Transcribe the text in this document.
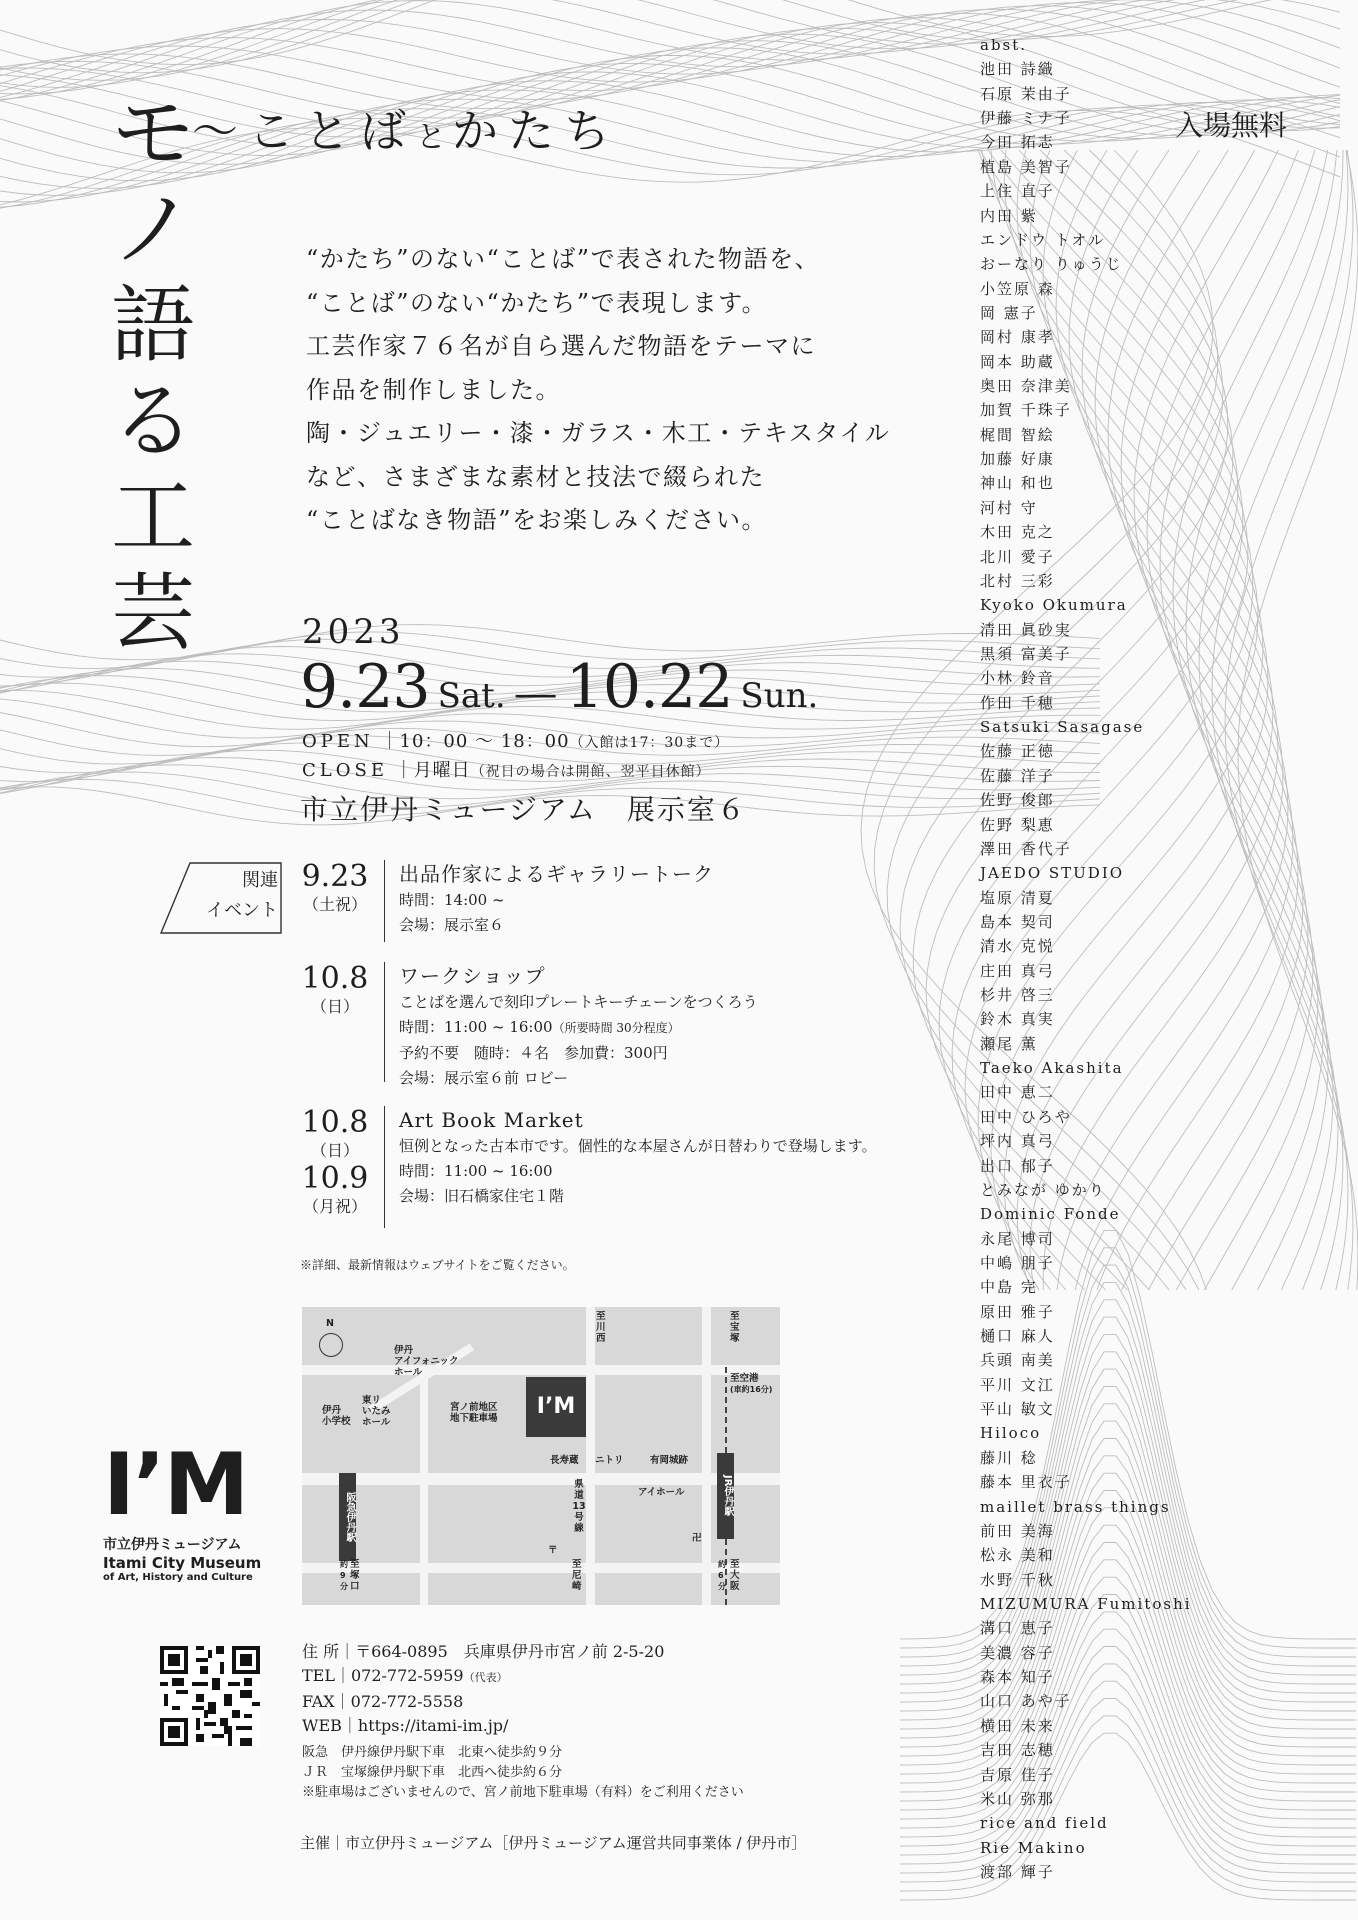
モ
ノ
語
る
工
芸
〜ことばとかたち	入場無料
“かたち”のない“ことば”で表された物語を、
“ことば”のない“かたち”で表現します。
工芸作家７６名が自ら選んだ物語をテーマに
作品を制作しました。
陶・ジュエリー・漆・ガラス・木工・テキスタイル
など、さまざまな素材と技法で綴られた
“ことばなき物語”をお楽しみください。
2023
9.23 Sat. ― 10.22 Sun.
OPEN ｜10：00 ～ 18：00（入館は17：30まで）
CLOSE ｜月曜日（祝日の場合は開館、翌平日休館）
市立伊丹ミュージアム　展示室６
関連
イベント
9.23
（土祝）
出品作家によるギャラリートーク
時間：14:00 ~
会場：展示室６
10.8
（日）
ワークショップ
ことばを選んで刻印プレートキーチェーンをつくろう
時間：11:00 ~ 16:00（所要時間 30分程度）
予約不要　随時：４名　参加費：300円
会場：展示室６前 ロビー
10.8
（日）
10.9
（月祝）
Art Book Market
恒例となった古本市です。個性的な本屋さんが日替わりで登場します。
時間：11:00 ~ 16:00
会場：旧石橋家住宅１階
※詳細、最新情報はウェブサイトをご覧ください。
N
伊丹
アイフォニック
ホール
伊丹
小学校
東リ
いたみ
ホール
宮ノ前地区
地下駐車場	I’M
長寿蔵 ニトリ	有岡城跡
アイホール
県
道
13
号
線
阪急伊丹駅	JR伊丹駅
至川西
至宝塚
至空港
(車約16分)
至塚口
約9分
至尼崎
至大阪
約6分
卍
〒
I’M
市立伊丹ミュージアム
Itami City Museum
of Art, History and Culture
住 所｜〒664-0895　兵庫県伊丹市宮ノ前 2-5-20
TEL｜072-772-5959（代表）
FAX｜072-772-5558
WEB｜https://itami-im.jp/
阪急　伊丹線伊丹駅下車　北東へ徒歩約９分
ＪＲ　宝塚線伊丹駅下車　北西へ徒歩約６分
※駐車場はございませんので、宮ノ前地下駐車場（有料）をご利用ください
主催｜市立伊丹ミュージアム［伊丹ミュージアム運営共同事業体 / 伊丹市］
abst.
池田 詩織
石原 茉由子
伊藤 ミナ子
今田 拓志
植島 美智子
上住 直子
内田 紫
エンドウ トオル
おーなり りゅうじ
小笠原 森
岡 憲子
岡村 康孝
岡本 助蔵
奥田 奈津美
加賀 千珠子
梶間 智絵
加藤 好康
神山 和也
河村 守
木田 克之
北川 愛子
北村 三彩
Kyoko Okumura
清田 眞砂実
黒須 富美子
小林 鈴音
作田 千穂
Satsuki Sasagase
佐藤 正徳
佐藤 洋子
佐野 俊郎
佐野 梨恵
澤田 香代子
JAEDO STUDIO
塩原 清夏
島本 契司
清水 克悦
庄田 真弓
杉井 啓三
鈴木 真実
瀬尾 薫
Taeko Akashita
田中 恵二
田中 ひろや
坪内 真弓
出口 郁子
とみなが ゆかり
Dominic Fonde
永尾 博司
中嶋 朋子
中島 完
原田 雅子
樋口 麻人
兵頭 南美
平川 文江
平山 敏文
Hiloco
藤川 稔
藤本 里衣子
maillet brass things
前田 美海
松永 美和
水野 千秋
MIZUMURA Fumitoshi
溝口 恵子
美濃 容子
森本 知子
山口 あや子
横田 未来
吉田 志穂
吉原 佳子
米山 弥那
rice and field
Rie Makino
渡部 輝子
